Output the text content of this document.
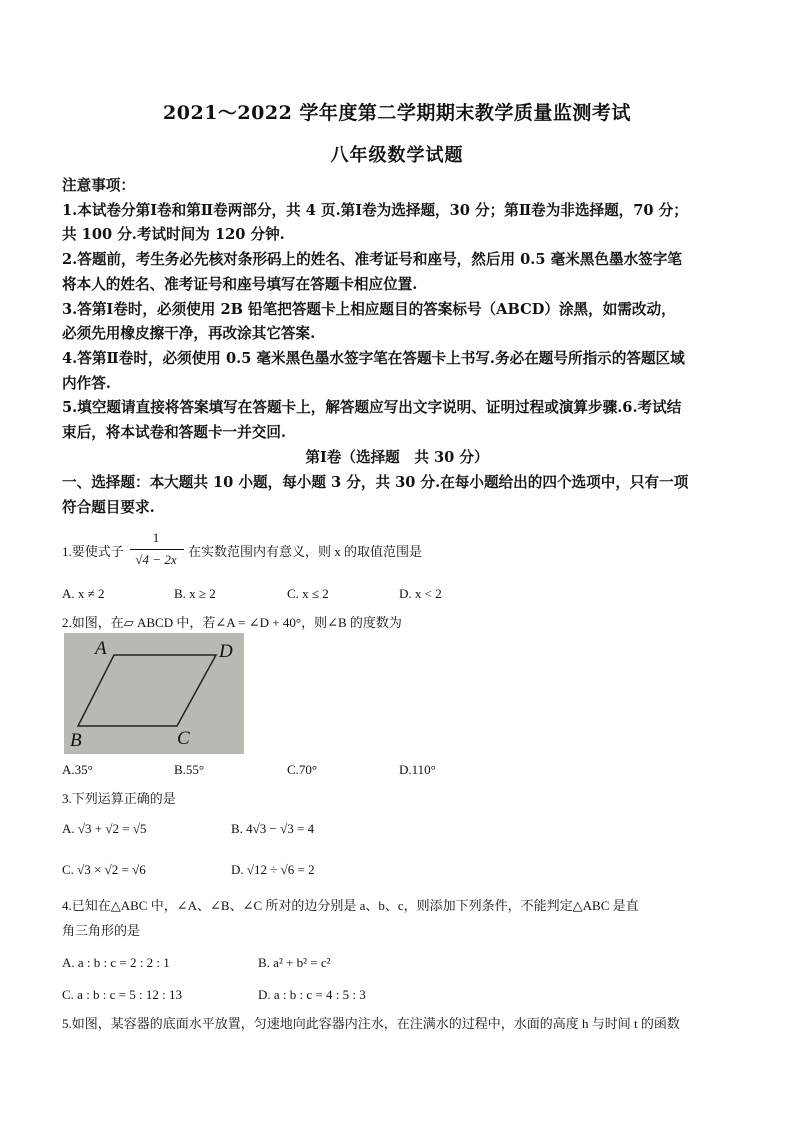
2021～2022 学年度第二学期期末教学质量监测考试
八年级数学试题
注意事项：
1.本试卷分第Ⅰ卷和第Ⅱ卷两部分，共 4 页.第Ⅰ卷为选择题，30 分；第Ⅱ卷为非选择题，70 分；
共 100 分.考试时间为 120 分钟.
2.答题前，考生务必先核对条形码上的姓名、准考证号和座号，然后用 0.5 毫米黑色墨水签字笔
将本人的姓名、准考证号和座号填写在答题卡相应位置.
3.答第Ⅰ卷时，必须使用 2B 铅笔把答题卡上相应题目的答案标号（ABCD）涂黑，如需改动，
必须先用橡皮擦干净，再改涂其它答案.
4.答第Ⅱ卷时，必须使用 0.5 毫米黑色墨水签字笔在答题卡上书写.务必在题号所指示的答题区域
内作答.
5.填空题请直接将答案填写在答题卡上，解答题应写出文字说明、证明过程或演算步骤.6.考试结
束后，将本试卷和答题卡一并交回.
第Ⅰ卷（选择题　共 30 分）
一、选择题：本大题共 10 小题，每小题 3 分，共 30 分.在每小题给出的四个选项中，只有一项
符合题目要求.
1.要使式子
1
√4 − 2x
在实数范围内有意义，则 x 的取值范围是
A. x ≠ 2	B. x ≥ 2	C. x ≤ 2	D. x < 2
2.如图，在▱ ABCD 中，若∠A = ∠D + 40°，则∠B 的度数为
A	D
B	C
A.35°	B.55°	C.70°	D.110°
3.下列运算正确的是
A. √3 + √2 = √5	B. 4√3 − √3 = 4
C. √3 × √2 = √6	D. √12 ÷ √6 = 2
4.已知在△ABC 中，∠A、∠B、∠C 所对的边分别是 a、b、c，则添加下列条件，不能判定△ABC 是直
角三角形的是
A. a : b : c = 2 : 2 : 1	B. a² + b² = c²
C. a : b : c = 5 : 12 : 13	D. a : b : c = 4 : 5 : 3
5.如图，某容器的底面水平放置，匀速地向此容器内注水，在注满水的过程中，水面的高度 h 与时间 t 的函数
